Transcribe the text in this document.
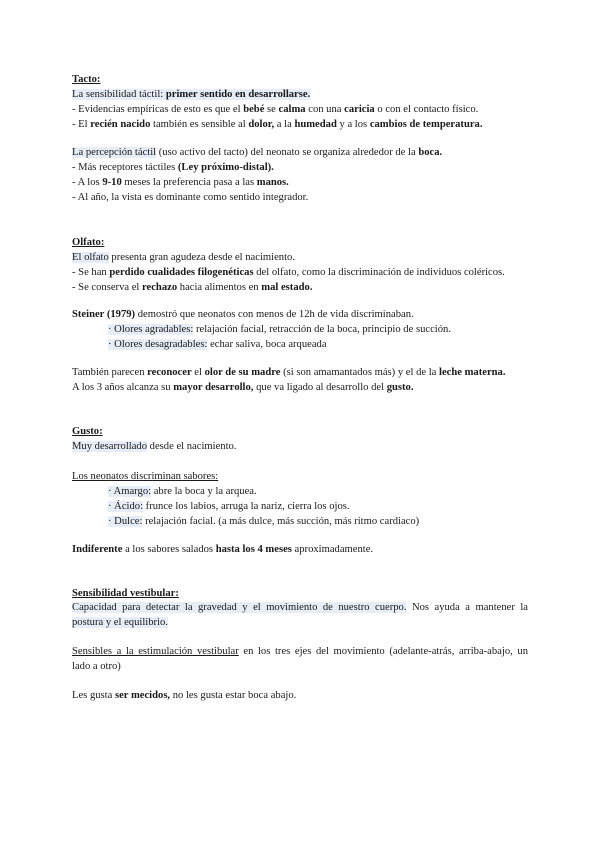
Tacto:
La sensibilidad táctil: primer sentido en desarrollarse.
- Evidencias empíricas de esto es que el bebé se calma con una caricia o con el contacto físico.
- El recién nacido también es sensible al dolor, a la humedad y a los cambios de temperatura.
La percepción táctil (uso activo del tacto) del neonato se organiza alrededor de la boca.
- Más receptores táctiles (Ley próximo-distal).
- A los 9-10 meses la preferencia pasa a las manos.
- Al año, la vista es dominante como sentido integrador.
Olfato:
El olfato presenta gran agudeza desde el nacimiento.
- Se han perdido cualidades filogenéticas del olfato, como la discriminación de individuos coléricos.
- Se conserva el rechazo hacia alimentos en mal estado.
Steiner (1979) demostró que neonatos con menos de 12h de vida discriminaban.
· Olores agradables: relajación facial, retracción de la boca, principio de succión.
· Olores desagradables: echar saliva, boca arqueada
También parecen reconocer el olor de su madre (si son amamantados más) y el de la leche materna.
A los 3 años alcanza su mayor desarrollo, que va ligado al desarrollo del gusto.
Gusto:
Muy desarrollado desde el nacimiento.
Los neonatos discriminan sabores:
· Amargo: abre la boca y la arquea.
· Ácido: frunce los labios, arruga la nariz, cierra los ojos.
· Dulce: relajación facial. (a más dulce, más succión, más ritmo cardiaco)
Indiferente a los sabores salados hasta los 4 meses aproximadamente.
Sensibilidad vestibular:
Capacidad para detectar la gravedad y el movimiento de nuestro cuerpo. Nos ayuda a mantener la
postura y el equilibrio.
Sensibles a la estimulación vestibular en los tres ejes del movimiento (adelante-atrás, arriba-abajo, un
lado a otro)
Les gusta ser mecidos, no les gusta estar boca abajo.
